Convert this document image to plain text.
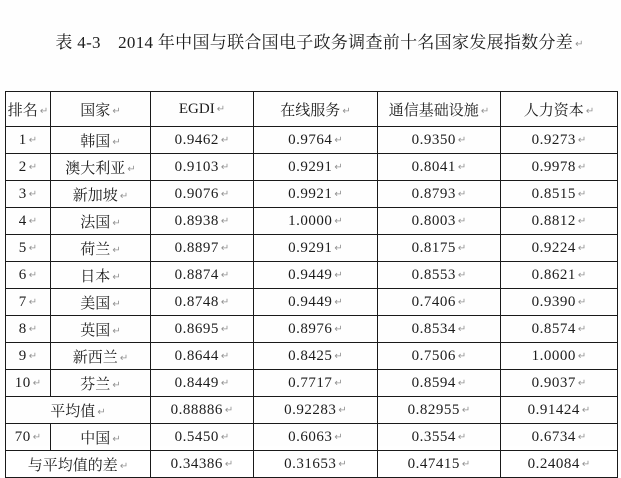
表 4-3　2014 年中国与联合国电子政务调查前十名国家发展指数分差 ↵

排名 ↵	国家 ↵	EGDI ↵	在线服务 ↵	通信基础设施 ↵	人力资本 ↵
1 ↵	韩国 ↵	0.9462 ↵	0.9764 ↵	0.9350 ↵	0.9273 ↵
2 ↵	澳大利亚 ↵	0.9103 ↵	0.9291 ↵	0.8041 ↵	0.9978 ↵
3 ↵	新加坡 ↵	0.9076 ↵	0.9921 ↵	0.8793 ↵	0.8515 ↵
4 ↵	法国 ↵	0.8938 ↵	1.0000 ↵	0.8003 ↵	0.8812 ↵
5 ↵	荷兰 ↵	0.8897 ↵	0.9291 ↵	0.8175 ↵	0.9224 ↵
6 ↵	日本 ↵	0.8874 ↵	0.9449 ↵	0.8553 ↵	0.8621 ↵
7 ↵	美国 ↵	0.8748 ↵	0.9449 ↵	0.7406 ↵	0.9390 ↵
8 ↵	英国 ↵	0.8695 ↵	0.8976 ↵	0.8534 ↵	0.8574 ↵
9 ↵	新西兰 ↵	0.8644 ↵	0.8425 ↵	0.7506 ↵	1.0000 ↵
10 ↵	芬兰 ↵	0.8449 ↵	0.7717 ↵	0.8594 ↵	0.9037 ↵
平均值 ↵		0.88886 ↵	0.92283 ↵	0.82955 ↵	0.91424 ↵
70 ↵	中国 ↵	0.5450 ↵	0.6063 ↵	0.3554 ↵	0.6734 ↵
与平均值的差 ↵		0.34386 ↵	0.31653 ↵	0.47415 ↵	0.24084 ↵
